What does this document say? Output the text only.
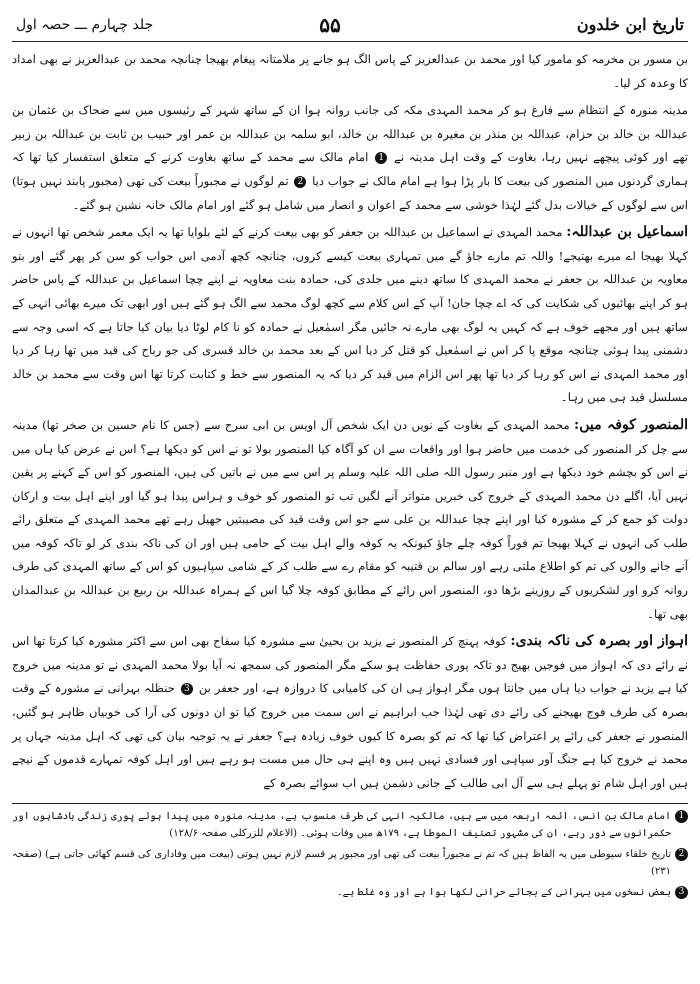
جلد چہارم ـــ حصہ اول	۵۵	تاریخ ابن خلدون

بن مسور بن مخرمہ کو مامور کیا اور محمد بن عبدالعزیز کے پاس الگ ہو جانے پر ملامتانہ پیغام بھیجا چنانچہ محمد بن عبدالعزیز نے بھی امداد کا وعدہ کر لیا۔

مدینہ منورہ کے انتظام سے فارغ ہو کر محمد المہدی مکہ کی جانب روانہ ہوا ان کے ساتھ شہر کے رئیسوں میں سے ضحاک بن عثمان بن عبداللہ بن خالد بن حزام، عبداللہ بن منذر بن مغیرہ بن عبداللہ بن خالد، ابو سلمہ بن عبداللہ بن عمر اور حبیب بن ثابت بن عبداللہ بن زبیر تھے اور کوئی پیچھے نہیں رہا، بغاوت کے وقت اہل مدینہ نے 1 امام مالک سے محمد کے ساتھ بغاوت کرنے کے متعلق استفسار کیا تھا کہ ہماری گردنوں میں المنصور کی بیعت کا بار پڑا ہوا ہے امام مالک نے جواب دیا 2 تم لوگوں نے مجبوراً بیعت کی تھی (مجبور پابند نہیں ہوتا) اس سے لوگوں کے خیالات بدل گئے لہٰذا خوشی سے محمد کے اعوان و انصار میں شامل ہو گئے اور امام مالک خانہ نشین ہو گئے۔

اسماعیل بن عبداللہ: محمد المہدی نے اسماعیل بن عبداللہ بن جعفر کو بھی بیعت کرنے کے لئے بلوایا تھا یہ ایک معمر شخص تھا انہوں نے کہلا بھیجا اے میرے بھتیجے! واللہ تم مارے جاؤ گے میں تمہاری بیعت کیسے کروں، چنانچہ کچھ آدمی اس جواب کو سن کر پھر گئے اور بنو معاویہ بن عبداللہ بن جعفر نے محمد المہدی کا ساتھ دینے میں جلدی کی، حمادہ بنت معاویہ نے اپنے چچا اسماعیل بن عبداللہ کے پاس حاضر ہو کر اپنے بھائیوں کی شکایت کی کہ اے چچا جان! آپ کے اس کلام سے کچھ لوگ محمد سے الگ ہو گئے ہیں اور ابھی تک میرے بھائی انہی کے ساتھ ہیں اور مجھے خوف ہے کہ کہیں یہ لوگ بھی مارے نہ جائیں مگر اسمٰعیل نے حمادہ کو نا کام لوٹا دیا بیان کیا جاتا ہے کہ اسی وجہ سے دشمنی پیدا ہوئی چنانچہ موقع پا کر اس نے اسمٰعیل کو قتل کر دیا اس کے بعد محمد بن خالد قسری کی جو رباح کی قید میں تھا رہا کر دیا اور محمد المہدی نے اس کو رہا کر دیا تھا پھر اس الزام میں قید کر دیا کہ یہ المنصور سے خط و کتابت کرتا تھا اس وقت سے محمد بن خالد مسلسل قید ہی میں رہا۔

المنصور کوفہ میں: محمد المہدی کے بغاوت کے نویں دن ایک شخص آل اویس بن ابی سرح سے (جس کا نام حسین بن صخر تھا) مدینہ سے چل کر المنصور کی خدمت میں حاضر ہوا اور واقعات سے ان کو آگاہ کیا المنصور بولا تو نے اس کو دیکھا ہے؟ اس نے عرض کیا ہاں میں نے اس کو بچشم خود دیکھا ہے اور منبر رسول اللہ صلی اللہ علیہ وسلم پر اس سے میں نے باتیں کی ہیں، المنصور کو اس کے کہنے پر یقین نہیں آیا، اگلے دن محمد المہدی کے خروج کی خبریں متواتر آنے لگیں تب تو المنصور کو خوف و ہراس پیدا ہو گیا اور اپنے اہل بیت و ارکان دولت کو جمع کر کے مشورہ کیا اور اپنے چچا عبداللہ بن علی سے جو اس وقت قید کی مصیبتیں جھیل رہے تھے محمد المہدی کے متعلق رائے طلب کی انہوں نے کہلا بھیجا تم فوراً کوفہ چلے جاؤ کیونکہ یہ کوفہ والے اہل بیت کے حامی ہیں اور ان کی ناکہ بندی کر لو تاکہ کوفہ میں آنے جانے والوں کی تم کو اطلاع ملتی رہے اور سالم بن قتیبہ کو مقام رے سے طلب کر کے شامی سپاہیوں کو اس کے ساتھ المہدی کی طرف روانہ کرو اور لشکریوں کے روزینے بڑھا دو، المنصور اس رائے کے مطابق کوفہ چلا گیا اس کے ہمراہ عبداللہ بن ربیع بن عبداللہ بن عبدالمدان بھی تھا۔

اہواز اور بصرہ کی ناکہ بندی: کوفہ پہنچ کر المنصور نے یزید بن یحییٰ سے مشورہ کیا سفاح بھی اس سے اکثر مشورہ کیا کرتا تھا اس نے رائے دی کہ اہواز میں فوجیں بھیج دو تاکہ پوری حفاظت ہو سکے مگر المنصور کی سمجھ نہ آیا بولا محمد المہدی نے تو مدینہ میں خروج کیا ہے یزید نے جواب دیا ہاں میں جانتا ہوں مگر اہواز ہی ان کی کامیابی کا دروازہ ہے، اور جعفر بن 3 حنظلہ بہرانی نے مشورہ کے وقت بصرہ کی طرف فوج بھیجنے کی رائے دی تھی لہٰذا جب ابراہیم نے اس سمت میں خروج کیا تو ان دونوں کی آرا کی خوبیاں ظاہر ہو گئیں، المنصور نے جعفر کی رائے پر اعتراض کیا تھا کہ تم کو بصرہ کا کیوں خوف زیادہ ہے؟ جعفر نے یہ توجیہ بیان کی تھی کہ اہل مدینہ جہاں پر محمد نے خروج کیا ہے جنگ آور سپاہی اور فسادی نہیں ہیں وہ اپنے ہی حال میں مست ہو رہے ہیں اور اہل کوفہ تمہارے قدموں کے نیچے ہیں اور اہل شام تو پہلے ہی سے آل ابی طالب کے جانی دشمن ہیں اب سوائے بصرہ کے

1
امام مالک بن انس، ائمہ اربعہ میں سے ہیں، مالکیہ انہی کی طرف منسوب ہے، مدینہ منورہ میں پیدا ہوئے پوری زندگی بادشاہوں اور حکمرانوں سے دور رہے، ان کی مشہور تصنیف الموطا ہے، ۱۷۹ھ میں وفات ہوئی۔ (الاعلام للزرکلی صفحہ ۱۲۸/۶)
2
تاریخ خلفاء سیوطی میں یہ الفاظ ہیں کہ تم نے مجبوراً بیعت کی تھی اور مجبور پر قسم لازم نہیں ہوتی (بیعت میں وفاداری کی قسم کھائی جاتی ہے) (صفحہ ۲۳۱)
3
بعض نسخوں میں بہرانی کے بجائے حرانی لکھا ہوا ہے اور وہ غلط ہے۔
